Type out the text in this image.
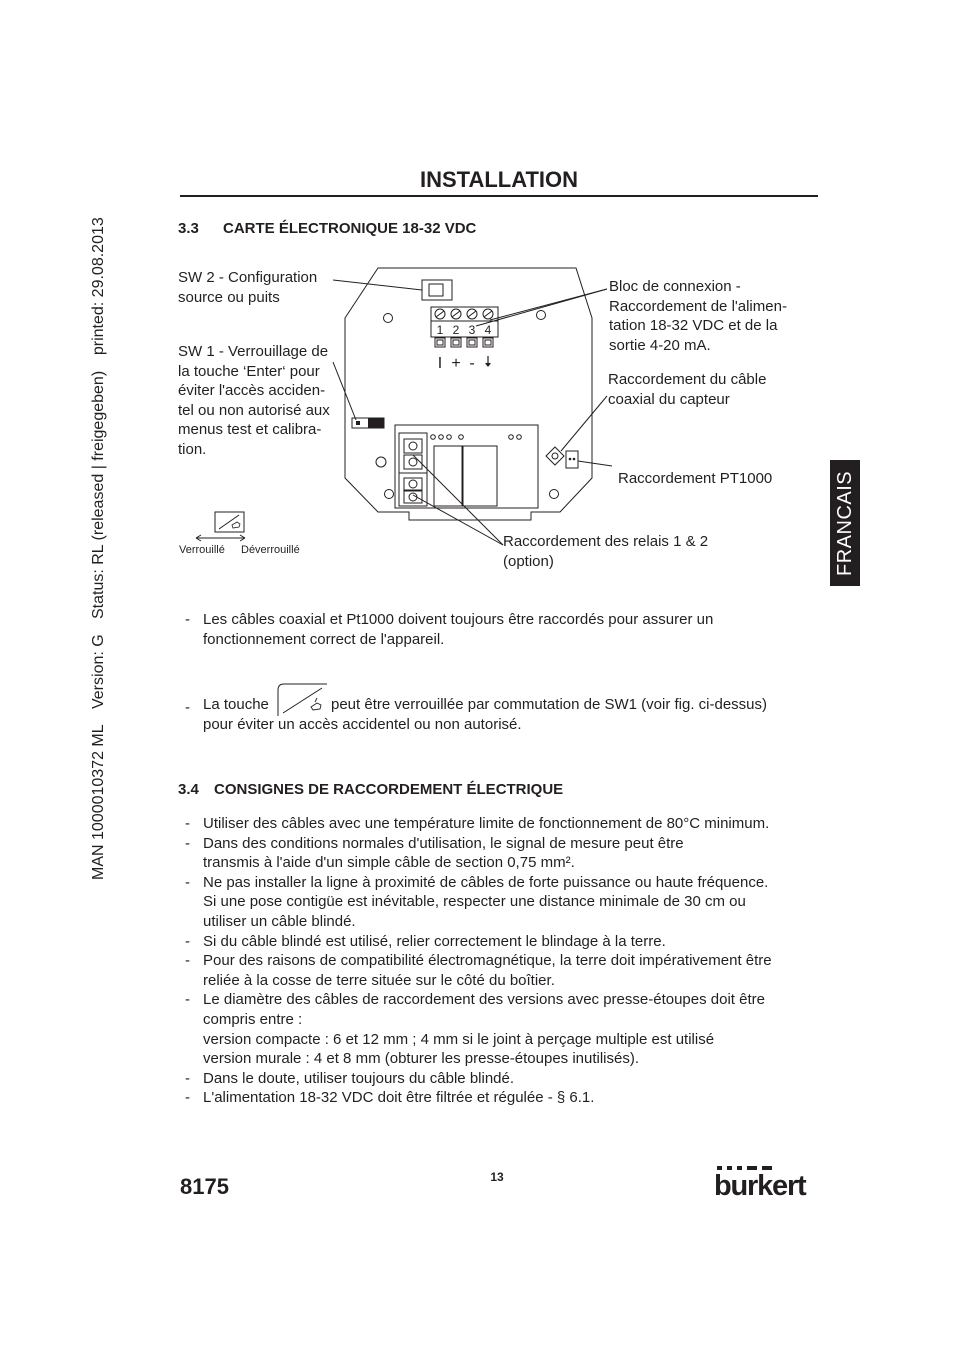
MAN 1000010372 ML Version: G Status: RL (released | freigegeben) printed: 29.08.2013
FRANCAIS
INSTALLATION
3.3 CARTE ÉLECTRONIQUE 18-32 VDC
SW 2 - Configuration
source ou puits
SW 1 - Verrouillage de
la touche ‘Enter‘ pour
éviter l'accès acciden-
tel ou non autorisé aux
menus test et calibra-
tion.
Bloc de connexion -
Raccordement de l'alimen-
tation 18-32 VDC et de la
sortie 4-20 mA.
Raccordement du câble
coaxial du capteur
Raccordement PT1000
Raccordement des relais 1 & 2
(option)
Verrouillé Déverrouillé
1 2 3 4
I + -
- Les câbles coaxial et Pt1000 doivent toujours être raccordés pour assurer un
fonctionnement correct de l'appareil.
- La touche	peut être verrouillée par commutation de SW1 (voir fig. ci-dessus)
pour éviter un accès accidentel ou non autorisé.
3.4 CONSIGNES DE RACCORDEMENT ÉLECTRIQUE
- Utiliser des câbles avec une température limite de fonctionnement de 80°C minimum.
- Dans des conditions normales d'utilisation, le signal de mesure peut être
transmis à l'aide d'un simple câble de section 0,75 mm².
- Ne pas installer la ligne à proximité de câbles de forte puissance ou haute fréquence.
Si une pose contigüe est inévitable, respecter une distance minimale de 30 cm ou
utiliser un câble blindé.
- Si du câble blindé est utilisé, relier correctement le blindage à la terre.
- Pour des raisons de compatibilité électromagnétique, la terre doit impérativement être
reliée à la cosse de terre située sur le côté du boîtier.
- Le diamètre des câbles de raccordement des versions avec presse-étoupes doit être
compris entre :
version compacte : 6 et 12 mm ; 4 mm si le joint à perçage multiple est utilisé
version murale : 4 et 8 mm (obturer les presse-étoupes inutilisés).
- Dans le doute, utiliser toujours du câble blindé.
- L'alimentation 18-32 VDC doit être filtrée et régulée - § 6.1.
8175	13	burkert
